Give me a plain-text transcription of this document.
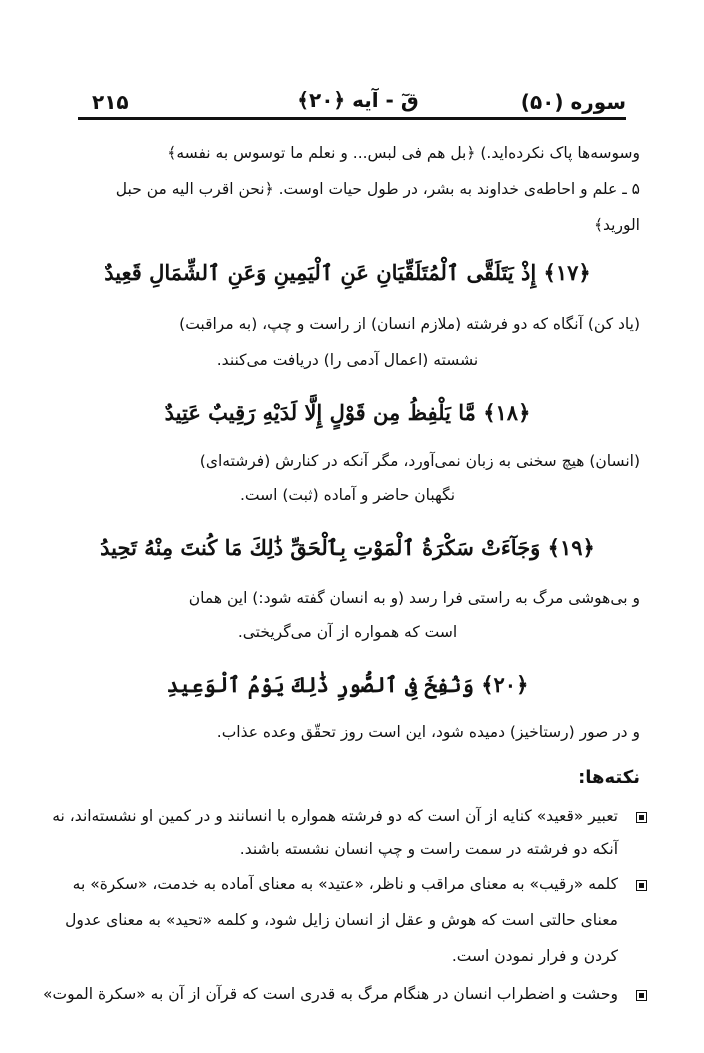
سوره (۵۰)
قٓ - آیه ﴿۲۰﴾
۲۱۵

وسوسه‌ها پاک نکرده‌اید.) ﴿بل هم فی لبس... و نعلم ما توسوس به نفسه﴾

۵ ـ علم و احاطه‌ی خداوند به بشر، در طول حیات اوست. ﴿نحن اقرب الیه من حبل

الورید﴾

﴿۱۷﴾ إِذْ يَتَلَقَّى ٱلْمُتَلَقِّيَانِ عَنِ ٱلْيَمِينِ وَعَنِ ٱلشِّمَالِ قَعِيدٌ

(یاد کن) آنگاه که دو فرشته (ملازم انسان) از راست و چپ، (به مراقبت)

نشسته (اعمال آدمی را) دریافت می‌کنند.

﴿۱۸﴾ مَّا يَلْفِظُ مِن قَوْلٍ إِلَّا لَدَيْهِ رَقِيبٌ عَتِيدٌ

(انسان) هیچ سخنی به زبان نمی‌آورد، مگر آنکه در کنارش (فرشته‌ای)

نگهبان حاضر و آماده (ثبت) است.

﴿۱۹﴾ وَجَآءَتْ سَكْرَةُ ٱلْمَوْتِ بِٱلْحَقِّ ذَٰلِكَ مَا كُنتَ مِنْهُ تَحِيدُ

و بی‌هوشی مرگ به راستی فرا رسد (و به انسان گفته شود:) این همان

است که همواره از آن می‌گریختی.

﴿۲۰﴾ وَنُفِخَ فِى ٱلصُّورِ ذَٰلِكَ يَوْمُ ٱلْوَعِيدِ

و در صور (رستاخیز) دمیده شود، این است روز تحقّق وعده عذاب.

نکته‌ها:

تعبیر «قعید» کنایه از آن است که دو فرشته همواره با انسانند و در کمین او نشسته‌اند، نه

آنکه دو فرشته در سمت راست و چپ انسان نشسته باشند.

کلمه «رقیب» به معنای مراقب و ناظر، «عتید» به معنای آماده به خدمت، «سکرة» به

معنای حالتی است که هوش و عقل از انسان زایل شود، و کلمه «تحید» به معنای عدول

کردن و فرار نمودن است.

وحشت و اضطراب انسان در هنگام مرگ به قدری است که قرآن از آن به «سکرة الموت»
